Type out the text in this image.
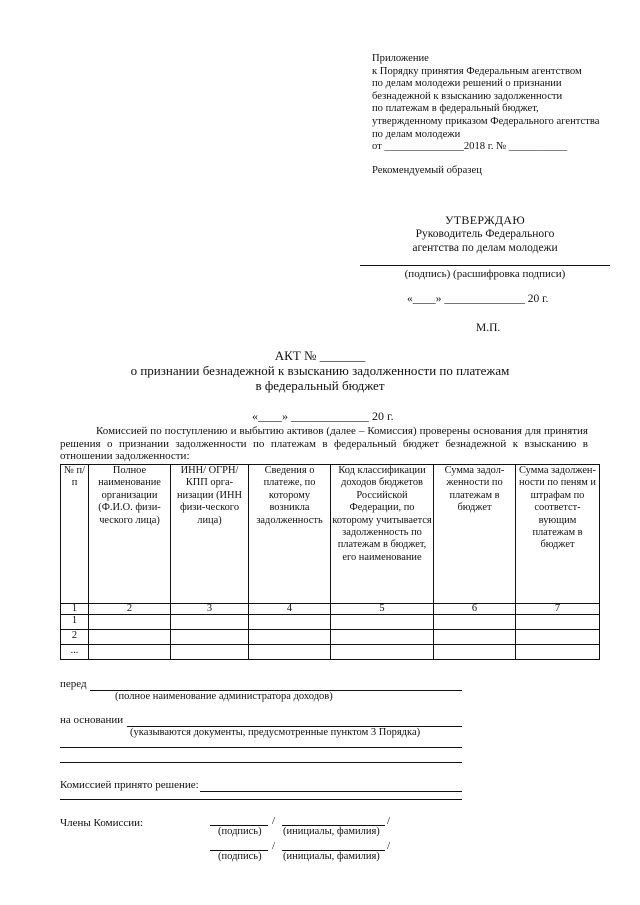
Приложение
к Порядку принятия Федеральным агентством
по делам молодежи решений о признании
безнадежной к взысканию задолженности
по платежам в федеральный бюджет,
утвержденному приказом Федерального агентства
по делам молодежи
от _______________2018 г. № ___________
Рекомендуемый образец
УТВЕРЖДАЮ
Руководитель Федерального
агентства по делам молодежи
(подпись) (расшифровка подписи)
«____» ______________ 20 г.
М.П.
АКТ № _______
о признании безнадежной к взысканию задолженности по платежам
в федеральный бюджет
«____» _____________ 20 г.
Комиссией по поступлению и выбытию активов (далее – Комиссия) проверены основания для принятия решения о признании задолженности по платежам в федеральный бюджет безнадежной к взысканию в отношении задолженности:
№ п/п	Полное наименование организации (Ф.И.О. физи-ческого лица)	ИНН/ ОГРН/ КПП орга-низации (ИНН физи-ческого лица)	Сведения о платеже, по которому возникла задолженность	Код классификации доходов бюджетов Российской Федерации, по которому учитывается задолженность по платежам в бюджет, его наименование	Сумма задол-женности по платежам в бюджет	Сумма задолжен-ности по пеням и штрафам по соответст-вующим платежам в бюджет
1	2	3	4	5	6	7
1						
2						
...						
перед
(полное наименование администратора доходов)
на основании
(указываются документы, предусмотренные пунктом 3 Порядка)
Комиссией принято решение:
Члены Комиссии:	/	/
(подпись) (инициалы, фамилия)
/	/
(подпись) (инициалы, фамилия)
